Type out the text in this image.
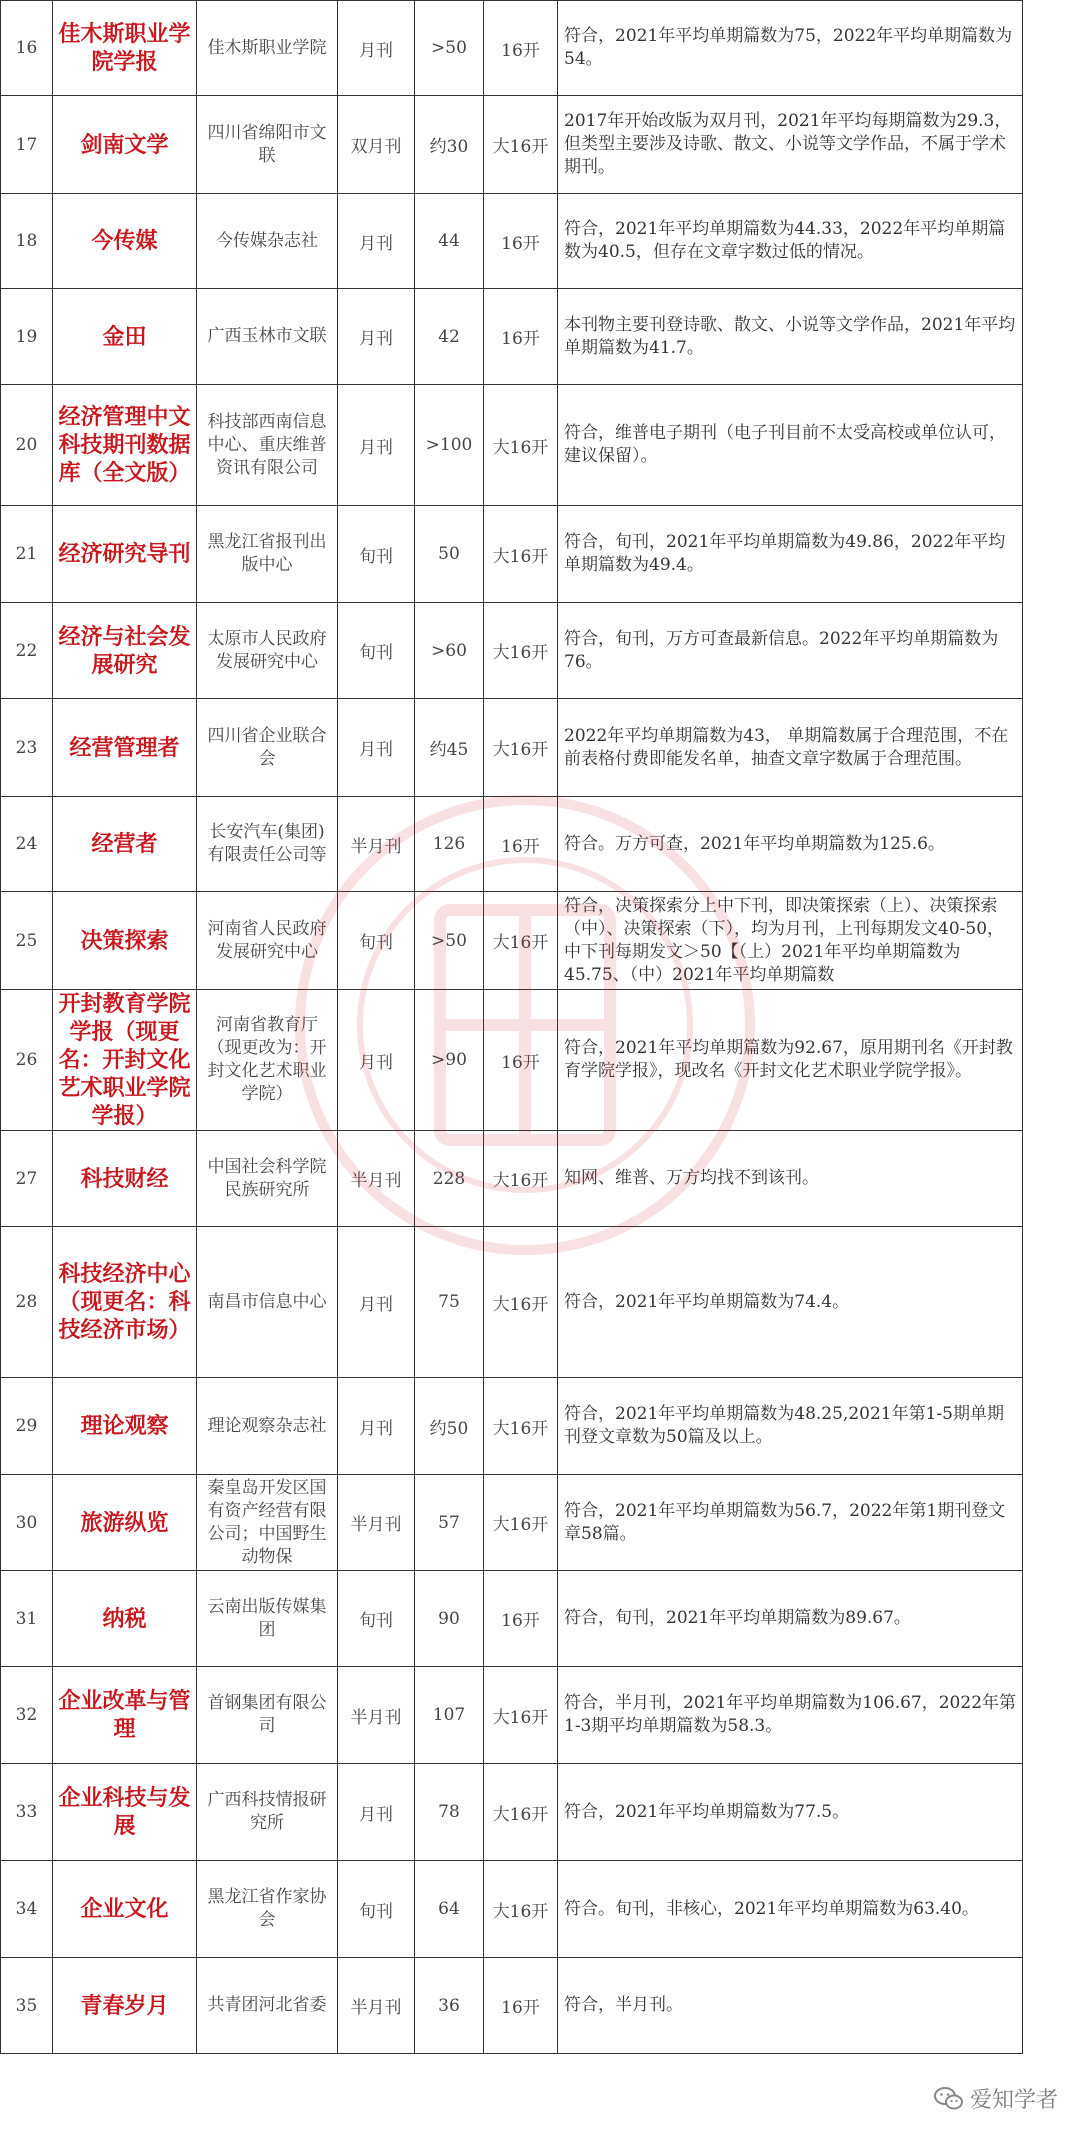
16	佳木斯职业学院学报	佳木斯职业学院	月刊	>50	16开	符合，2021年平均单期篇数为75，2022年平均单期篇数为54。
17	剑南文学	四川省绵阳市文联	双月刊	约30	大16开	2017年开始改版为双月刊，2021年平均每期篇数为29.3，但类型主要涉及诗歌、散文、小说等文学作品，不属于学术期刊。
18	今传媒	今传媒杂志社	月刊	44	16开	符合，2021年平均单期篇数为44.33，2022年平均单期篇数为40.5，但存在文章字数过低的情况。
19	金田	广西玉林市文联	月刊	42	16开	本刊物主要刊登诗歌、散文、小说等文学作品，2021年平均单期篇数为41.7。
20	经济管理中文科技期刊数据库（全文版）	科技部西南信息中心、重庆维普资讯有限公司	月刊	>100	大16开	符合，维普电子期刊（电子刊目前不太受高校或单位认可，建议保留）。
21	经济研究导刊	黑龙江省报刊出版中心	旬刊	50	大16开	符合，旬刊，2021年平均单期篇数为49.86，2022年平均单期篇数为49.4。
22	经济与社会发展研究	太原市人民政府发展研究中心	旬刊	>60	大16开	符合，旬刊，万方可查最新信息。2022年平均单期篇数为76。
23	经营管理者	四川省企业联合会	月刊	约45	大16开	2022年平均单期篇数为43， 单期篇数属于合理范围，不在前表格付费即能发名单，抽查文章字数属于合理范围。
24	经营者	长安汽车(集团)有限责任公司等	半月刊	126	16开	符合。万方可查，2021年平均单期篇数为125.6。
25	决策探索	河南省人民政府发展研究中心	旬刊	>50	大16开	符合，决策探索分上中下刊，即决策探索（上）、决策探索（中）、决策探索（下），均为月刊，上刊每期发文40-50，中下刊每期发文＞50【（上）2021年平均单期篇数为45.75、（中）2021年平均单期篇数
26	开封教育学院学报（现更名：开封文化艺术职业学院学报）	河南省教育厅（现更改为：开封文化艺术职业学院）	月刊	>90	16开	符合，2021年平均单期篇数为92.67，原用期刊名《开封教育学院学报》，现改名《开封文化艺术职业学院学报》。
27	科技财经	中国社会科学院民族研究所	半月刊	228	大16开	知网、维普、万方均找不到该刊。
28	科技经济中心（现更名：科技经济市场）	南昌市信息中心	月刊	75	大16开	符合，2021年平均单期篇数为74.4。
29	理论观察	理论观察杂志社	月刊	约50	大16开	符合，2021年平均单期篇数为48.25,2021年第1-5期单期刊登文章数为50篇及以上。
30	旅游纵览	秦皇岛开发区国有资产经营有限公司；中国野生动物保	半月刊	57	大16开	符合，2021年平均单期篇数为56.7，2022年第1期刊登文章58篇。
31	纳税	云南出版传媒集团	旬刊	90	16开	符合，旬刊，2021年平均单期篇数为89.67。
32	企业改革与管理	首钢集团有限公司	半月刊	107	大16开	符合，半月刊，2021年平均单期篇数为106.67，2022年第1-3期平均单期篇数为58.3。
33	企业科技与发展	广西科技情报研究所	月刊	78	大16开	符合，2021年平均单期篇数为77.5。
34	企业文化	黑龙江省作家协会	旬刊	64	大16开	符合。旬刊，非核心，2021年平均单期篇数为63.40。
35	青春岁月	共青团河北省委	半月刊	36	16开	符合，半月刊。
爱知学者
